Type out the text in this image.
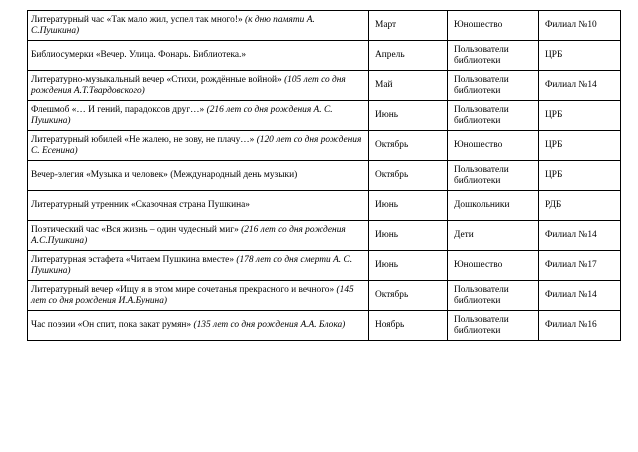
Литературный час «Так мало жил, успел так много!» (к дню памяти А. С.Пушкина)	Март	Юношество	Филиал №10
Библиосумерки «Вечер. Улица. Фонарь. Библиотека.»	Апрель	Пользователи библиотеки	ЦРБ
Литературно-музыкальный вечер «Стихи, рождённые войной» (105 лет со дня рождения А.Т.Твардовского)	Май	Пользователи библиотеки	Филиал №14
Флешмоб «… И гений, парадоксов друг…» (216 лет со дня рождения А. С. Пушкина)	Июнь	Пользователи библиотеки	ЦРБ
Литературный юбилей «Не жалею, не зову, не плачу…» (120 лет со дня рождения С. Есенина)	Октябрь	Юношество	ЦРБ
Вечер-элегия «Музыка и человек» (Международный день музыки)	Октябрь	Пользователи библиотеки	ЦРБ
Литературный утренник «Сказочная страна Пушкина»	Июнь	Дошкольники	РДБ
Поэтический час «Вся жизнь – один чудесный миг» (216 лет со дня рождения А.С.Пушкина)	Июнь	Дети	Филиал №14
Литературная эстафета «Читаем Пушкина вместе» (178 лет со дня смерти А. С. Пушкина)	Июнь	Юношество	Филиал №17
Литературный вечер «Ищу я в этом мире сочетанья прекрасного и вечного» (145 лет со дня рождения И.А.Бунина)	Октябрь	Пользователи библиотеки	Филиал №14
Час поэзии «Он спит, пока закат румян» (135 лет со дня рождения А.А. Блока)	Ноябрь	Пользователи библиотеки	Филиал №16
